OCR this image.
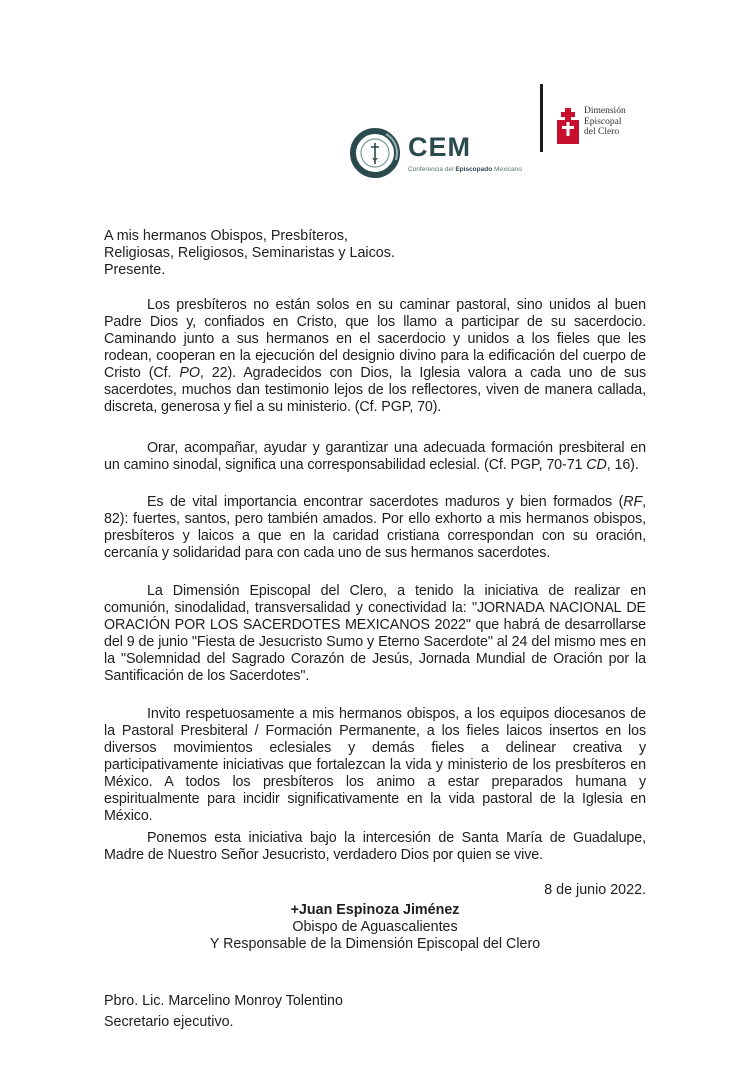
CEM
Conferencia del Episcopado Mexicano
Dimensión
Episcopal
del Clero
A mis hermanos Obispos, Presbíteros,
Religiosas, Religiosos, Seminaristas y Laicos.
Presente.
Los presbíteros no están solos en su caminar pastoral, sino unidos al buen Padre Dios y, confiados en Cristo, que los llamo a participar de su sacerdocio. Caminando junto a sus hermanos en el sacerdocio y unidos a los fieles que les rodean, cooperan en la ejecución del designio divino para la edificación del cuerpo de Cristo (Cf. PO, 22). Agradecidos con Dios, la Iglesia valora a cada uno de sus sacerdotes, muchos dan testimonio lejos de los reflectores, viven de manera callada, discreta, generosa y fiel a su ministerio. (Cf. PGP, 70).
Orar, acompañar, ayudar y garantizar una adecuada formación presbiteral en un camino sinodal, significa una corresponsabilidad eclesial. (Cf. PGP, 70-71 CD, 16).
Es de vital importancia encontrar sacerdotes maduros y bien formados (RF, 82): fuertes, santos, pero también amados. Por ello exhorto a mis hermanos obispos, presbíteros y laicos a que en la caridad cristiana correspondan con su oración, cercanía y solidaridad para con cada uno de sus hermanos sacerdotes.
La Dimensión Episcopal del Clero, a tenido la iniciativa de realizar en comunión, sinodalidad, transversalidad y conectividad la: "JORNADA NACIONAL DE ORACIÓN POR LOS SACERDOTES MEXICANOS 2022" que habrá de desarrollarse del 9 de junio "Fiesta de Jesucristo Sumo y Eterno Sacerdote" al 24 del mismo mes en la "Solemnidad del Sagrado Corazón de Jesús, Jornada Mundial de Oración por la Santificación de los Sacerdotes".
Invito respetuosamente a mis hermanos obispos, a los equipos diocesanos de la Pastoral Presbiteral / Formación Permanente, a los fieles laicos insertos en los diversos movimientos eclesiales y demás fieles a delinear creativa y participativamente iniciativas que fortalezcan la vida y ministerio de los presbíteros en México. A todos los presbíteros los animo a estar preparados humana y espiritualmente para incidir significativamente en la vida pastoral de la Iglesia en México.
Ponemos esta iniciativa bajo la intercesión de Santa María de Guadalupe, Madre de Nuestro Señor Jesucristo, verdadero Dios por quien se vive.
8 de junio 2022.
+Juan Espinoza Jiménez
Obispo de Aguascalientes
Y Responsable de la Dimensión Episcopal del Clero
Pbro. Lic. Marcelino Monroy Tolentino
Secretario ejecutivo.
